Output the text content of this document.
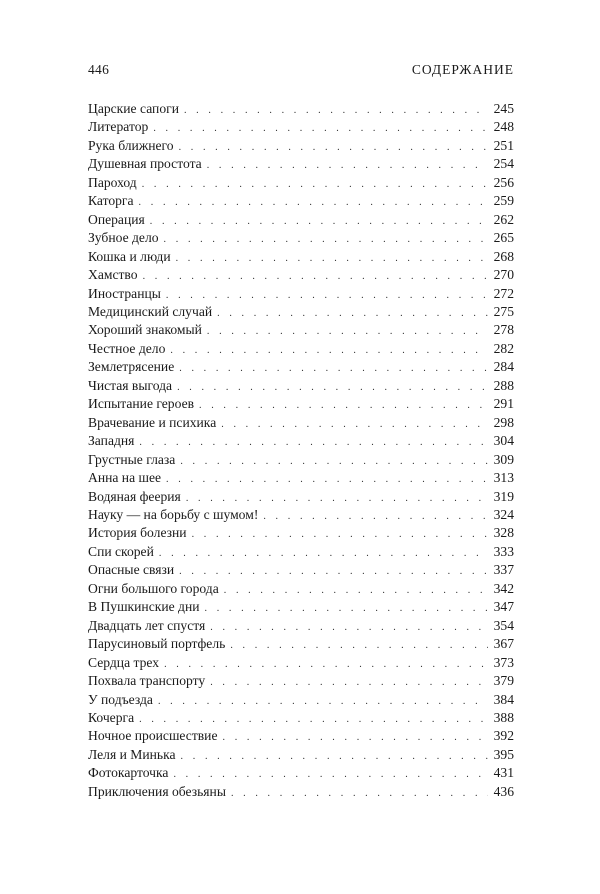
446	СОДЕРЖАНИЕ
Царские сапоги . . .	245
Литератор . . .	248
Рука ближнего . . .	251
Душевная простота . . .	254
Пароход . . .	256
Каторга . . .	259
Операция . . .	262
Зубное дело . . .	265
Кошка и люди . . .	268
Хамство . . .	270
Иностранцы . . .	272
Медицинский случай . . .	275
Хороший знакомый . . .	278
Честное дело . . .	282
Землетрясение . . .	284
Чистая выгода . . .	288
Испытание героев . . .	291
Врачевание и психика . . .	298
Западня . . .	304
Грустные глаза . . .	309
Анна на шее . . .	313
Водяная феерия . . .	319
Науку — на борьбу с шумом! . . .	324
История болезни . . .	328
Спи скорей . . .	333
Опасные связи . . .	337
Огни большого города . . .	342
В Пушкинские дни . . .	347
Двадцать лет спустя . . .	354
Парусиновый портфель . . .	367
Сердца трех . . .	373
Похвала транспорту . . .	379
У подъезда . . .	384
Кочерга . . .	388
Ночное происшествие . . .	392
Леля и Минька . . .	395
Фотокарточка . . .	431
Приключения обезьяны . . .	436
